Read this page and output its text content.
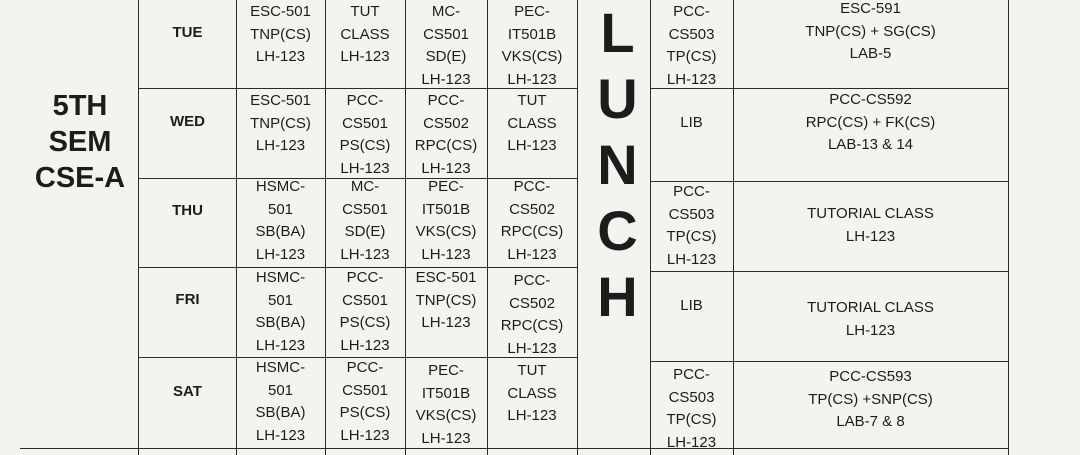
5TH
SEM
CSE-A
L
U
N
C
H
TUE
ESC-501
TNP(CS)
LH-123
TUT
CLASS
LH-123
MC-
CS501
SD(E)
LH-123
PEC-
IT501B
VKS(CS)
LH-123
PCC-
CS503
TP(CS)
LH-123
ESC-591
TNP(CS) + SG(CS)
LAB-5
WED
ESC-501
TNP(CS)
LH-123
PCC-
CS501
PS(CS)
LH-123
PCC-
CS502
RPC(CS)
LH-123
TUT
CLASS
LH-123
LIB
PCC-CS592
RPC(CS) + FK(CS)
LAB-13 & 14
THU
HSMC-
501
SB(BA)
LH-123
MC-
CS501
SD(E)
LH-123
PEC-
IT501B
VKS(CS)
LH-123
PCC-
CS502
RPC(CS)
LH-123
PCC-
CS503
TP(CS)
LH-123
TUTORIAL CLASS
LH-123
FRI
HSMC-
501
SB(BA)
LH-123
PCC-
CS501
PS(CS)
LH-123
ESC-501
TNP(CS)
LH-123
PCC-
CS502
RPC(CS)
LH-123
LIB	TUTORIAL CLASS
LH-123
SAT
HSMC-
501
SB(BA)
LH-123
PCC-
CS501
PS(CS)
LH-123
PEC-
IT501B
VKS(CS)
LH-123
TUT
CLASS
LH-123
PCC-
CS503
TP(CS)
LH-123
PCC-CS593
TP(CS) +SNP(CS)
LAB-7 & 8
